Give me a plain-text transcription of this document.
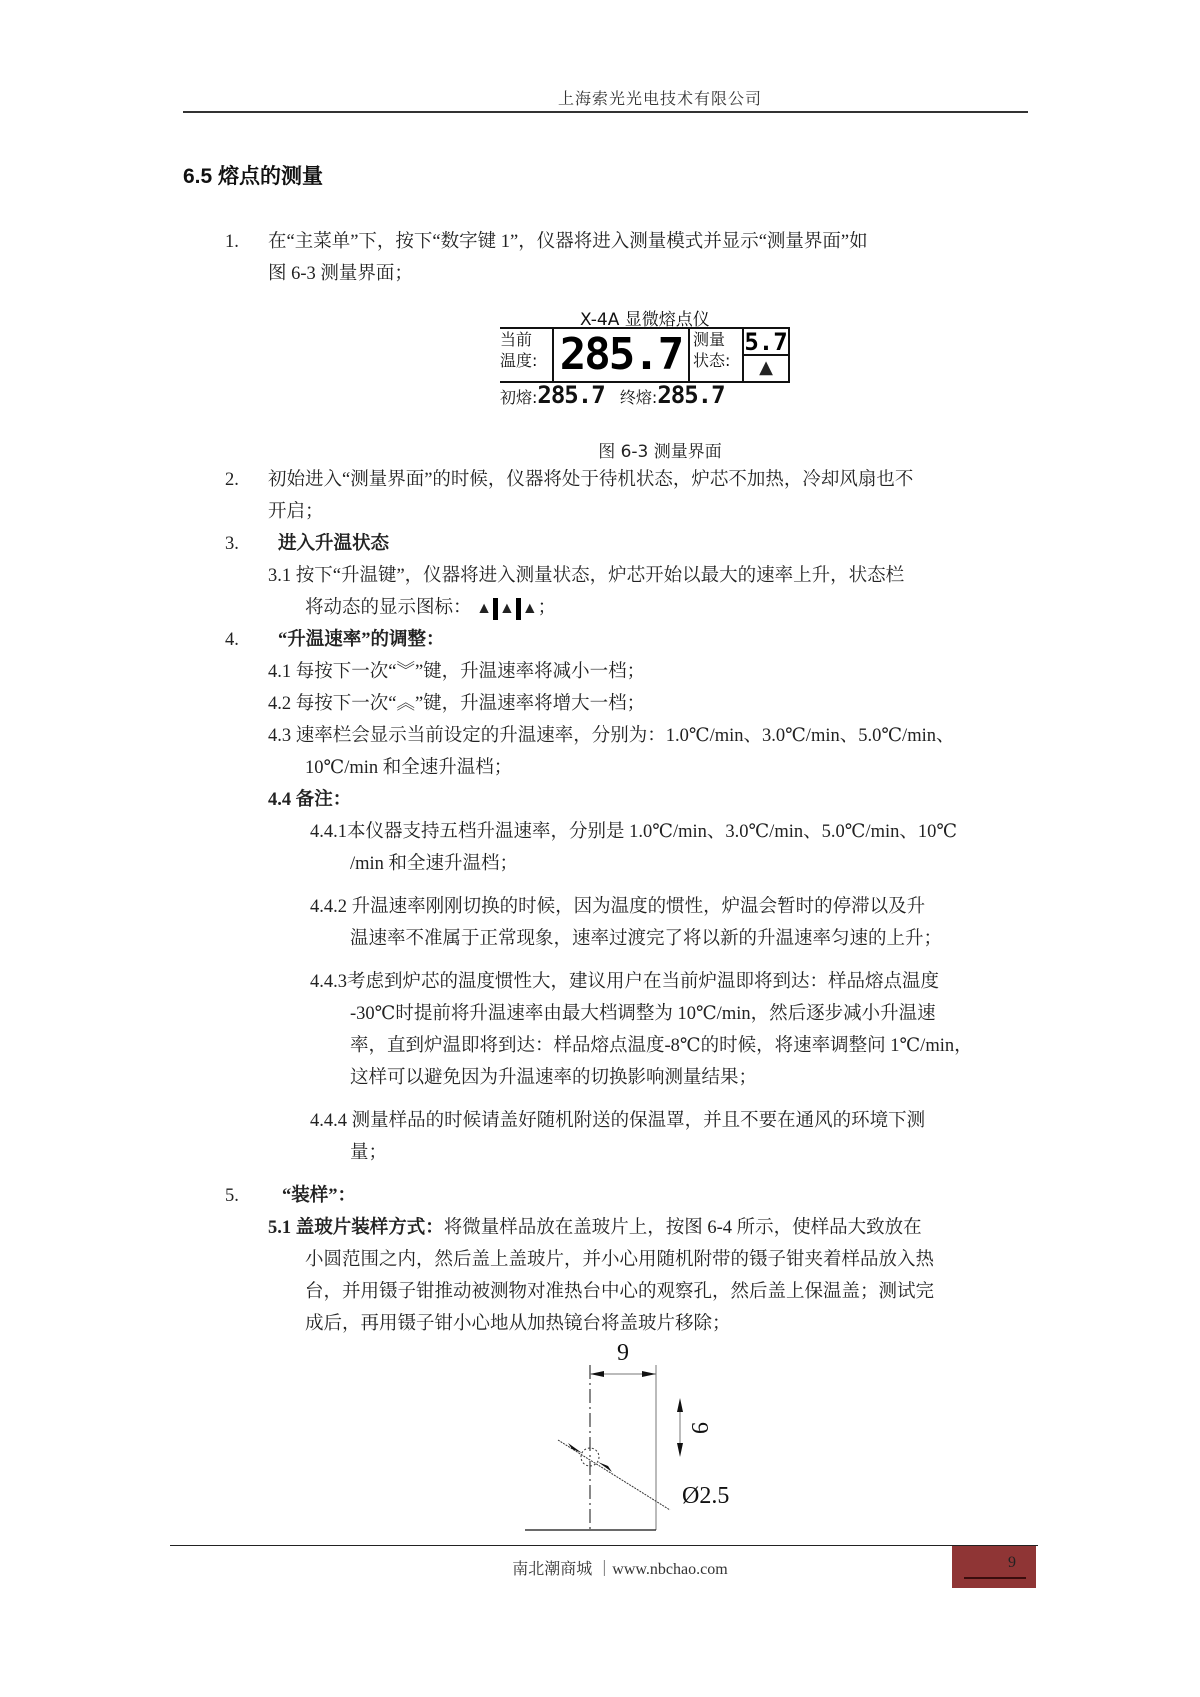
上海索光光电技术有限公司
6.5 熔点的测量
1. 在“主菜单”下，按下“数字键 1”，仪器将进入测量模式并显示“测量界面”如
图 6-3 测量界面；
X-4A 显微熔点仪
当前
温度: 285.7 测量
状态:
5.7
▲
初熔:285.7 终熔:285.7
图 6-3 测量界面
2. 初始进入“测量界面”的时候，仪器将处于待机状态，炉芯不加热，冷却风扇也不
开启；
3. 进入升温状态
3.1 按下“升温键”，仪器将进入测量状态，炉芯开始以最大的速率上升，状态栏
将动态的显示图标： ▲ ▲ ▲；
4. “升温速率”的调整：
4.1 每按下一次“︾”键，升温速率将减小一档；
4.2 每按下一次“︽”键，升温速率将增大一档；
4.3 速率栏会显示当前设定的升温速率，分别为：1.0℃/min、3.0℃/min、5.0℃/min、
10℃/min 和全速升温档；
4.4 备注：
4.4.1本仪器支持五档升温速率，分别是 1.0℃/min、3.0℃/min、5.0℃/min、10℃
/min 和全速升温档；
4.4.2 升温速率刚刚切换的时候，因为温度的惯性，炉温会暂时的停滞以及升
温速率不准属于正常现象，速率过渡完了将以新的升温速率匀速的上升；
4.4.3考虑到炉芯的温度惯性大，建议用户在当前炉温即将到达：样品熔点温度
-30℃时提前将升温速率由最大档调整为 10℃/min，然后逐步减小升温速
率，直到炉温即将到达：样品熔点温度-8℃的时候，将速率调整问 1℃/min，
这样可以避免因为升温速率的切换影响测量结果；
4.4.4 测量样品的时候请盖好随机附送的保温罩，并且不要在通风的环境下测
量；
5. “装样”：
5.1 盖玻片装样方式：将微量样品放在盖玻片上，按图 6-4 所示，使样品大致放在
小圆范围之内，然后盖上盖玻片，并小心用随机附带的镊子钳夹着样品放入热
台，并用镊子钳推动被测物对准热台中心的观察孔，然后盖上保温盖；测试完
成后，再用镊子钳小心地从加热镜台将盖玻片移除；
9
9
Ø2.5
南北潮商城 ｜www.nbchao.com	9
